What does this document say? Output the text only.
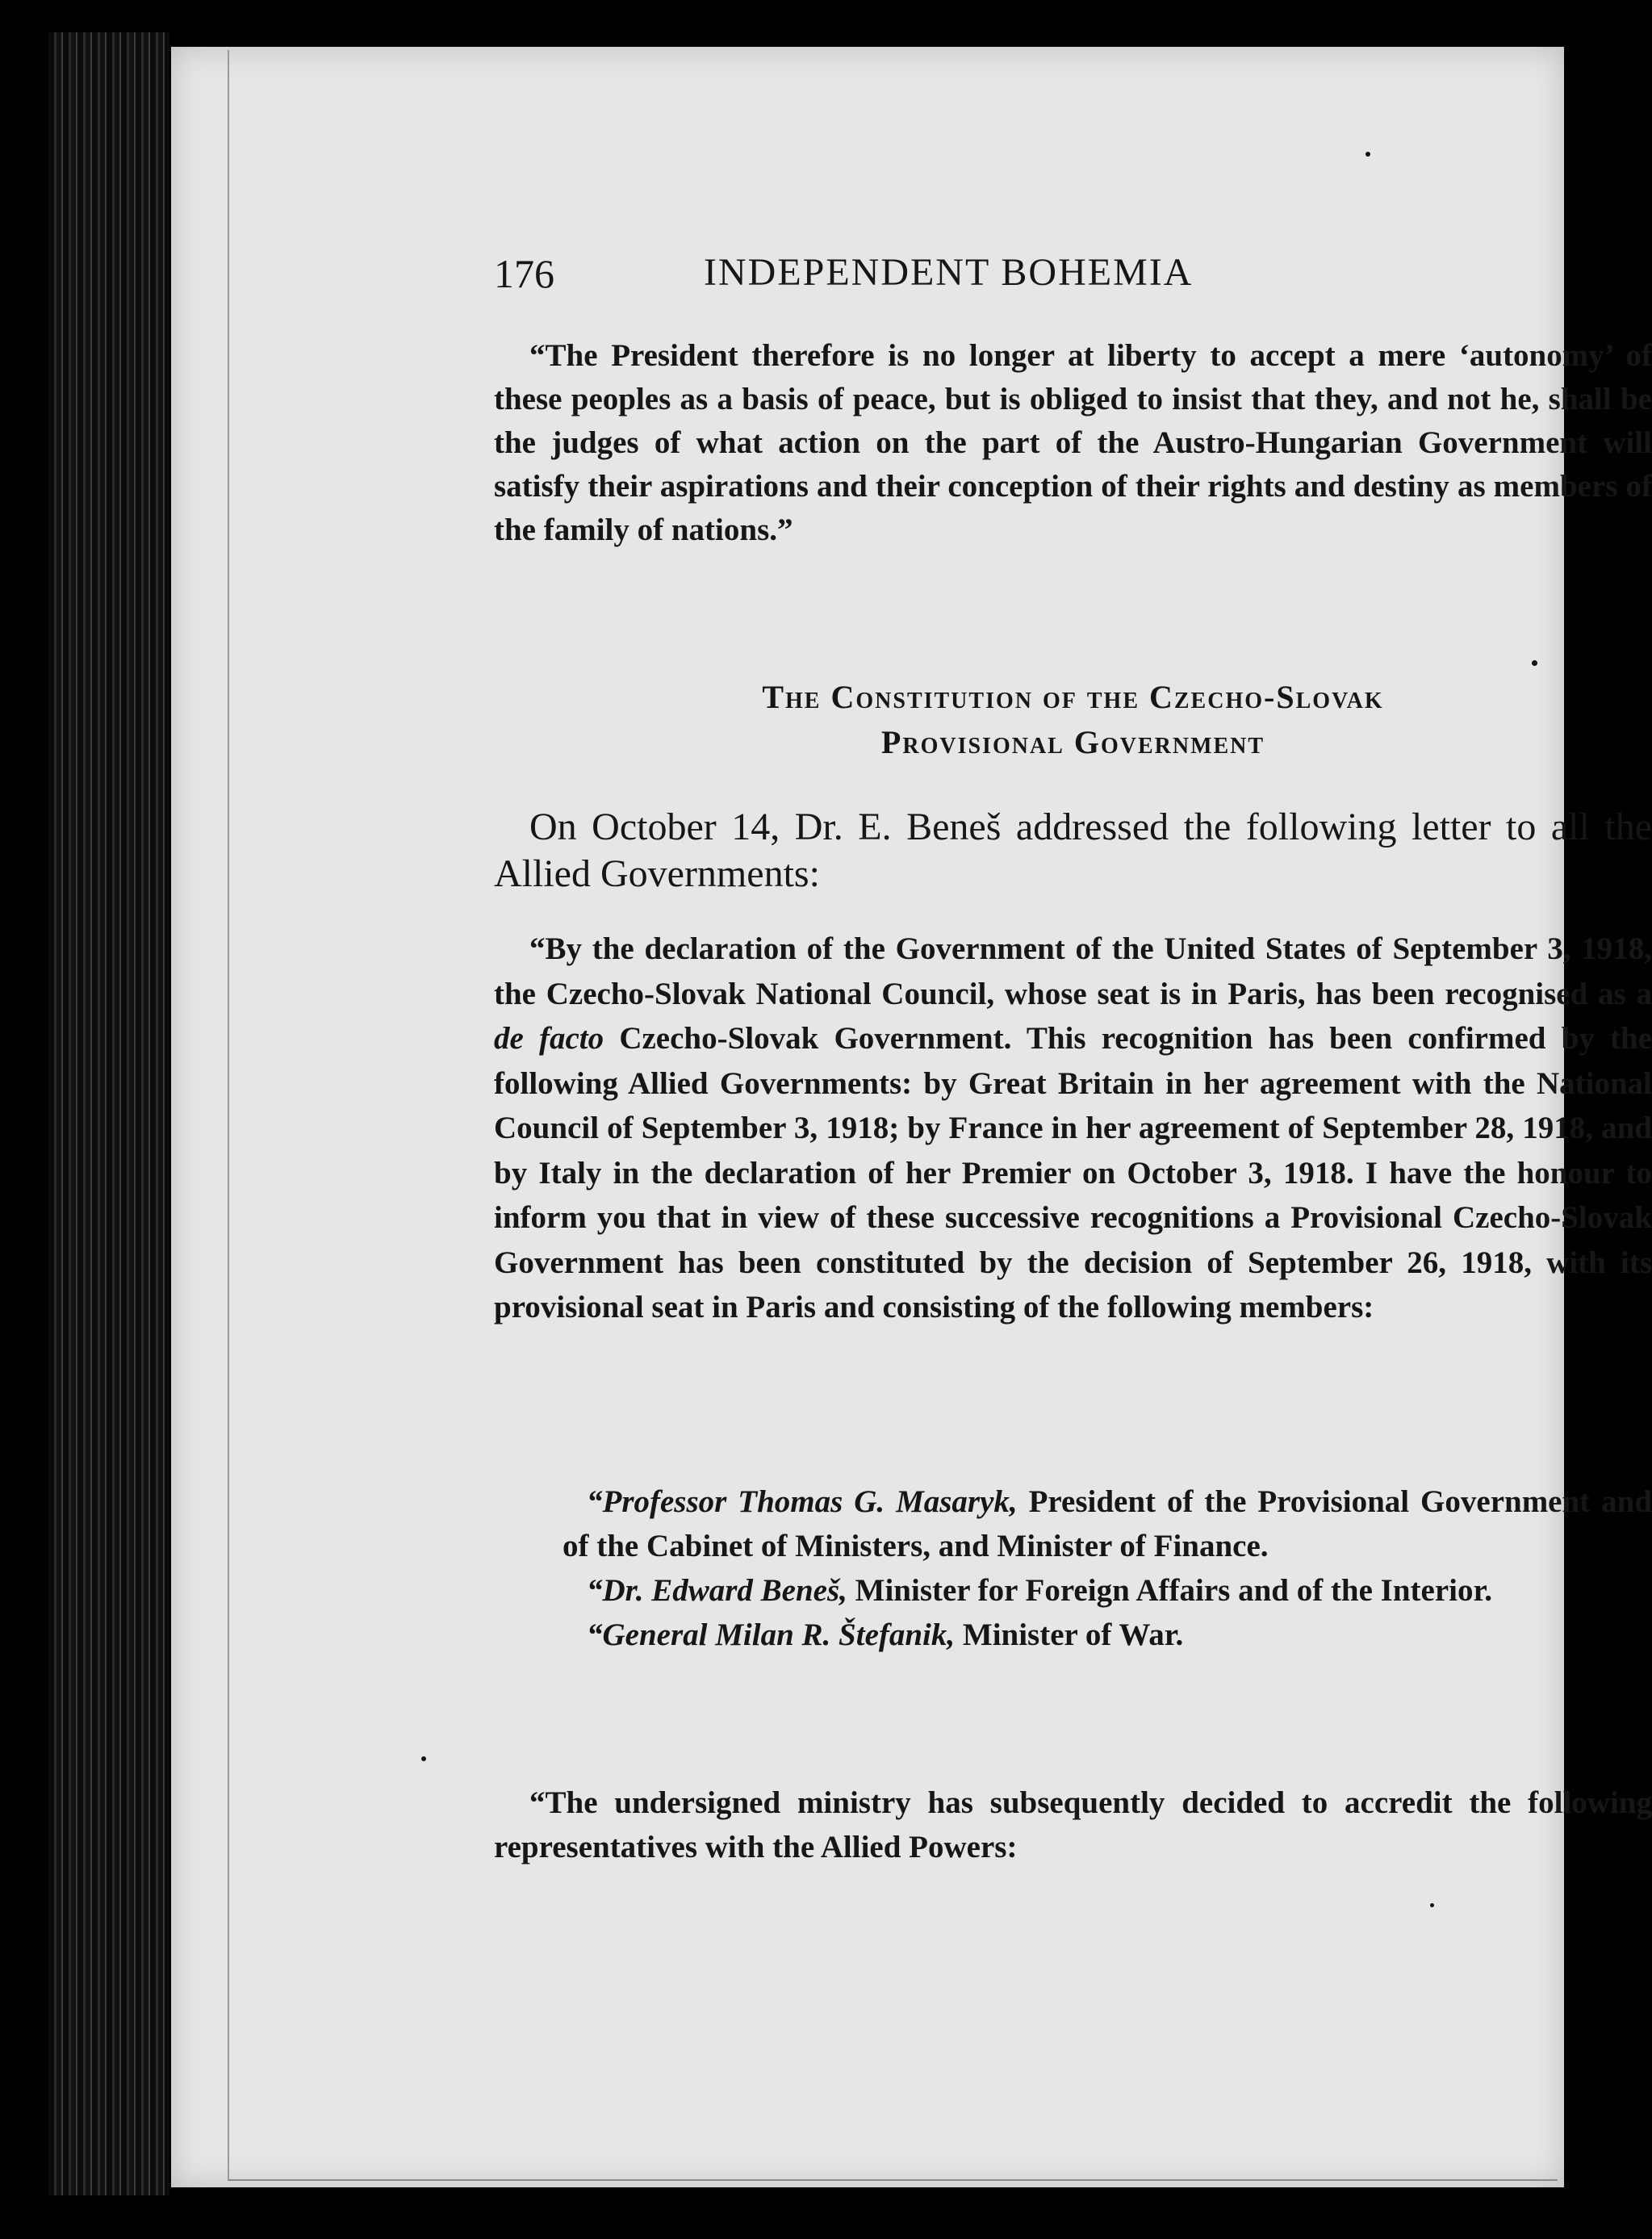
176	INDEPENDENT BOHEMIA

“The President therefore is no longer at liberty to accept a mere ‘autonomy’ of these peoples as a basis of peace, but is obliged to insist that they, and not he, shall be the judges of what action on the part of the Austro-Hungarian Government will satisfy their aspirations and their conception of their rights and destiny as members of the family of nations.”

The Constitution of the Czecho-Slovak
Provisional Government

On October 14, Dr. E. Beneš addressed the following letter to all the Allied Governments:

“By the declaration of the Government of the United States of September 3, 1918, the Czecho-Slovak National Council, whose seat is in Paris, has been recognised as a de facto Czecho-Slovak Government. This recognition has been confirmed by the following Allied Governments: by Great Britain in her agreement with the National Council of September 3, 1918; by France in her agreement of September 28, 1918, and by Italy in the declaration of her Premier on October 3, 1918. I have the honour to inform you that in view of these successive recognitions a Provisional Czecho-Slovak Government has been constituted by the decision of September 26, 1918, with its provisional seat in Paris and consisting of the following members:

“Professor Thomas G. Masaryk, President of the Provisional Government and of the Cabinet of Ministers, and Minister of Finance.

“Dr. Edward Beneš, Minister for Foreign Affairs and of the Interior.

“General Milan R. Štefanik, Minister of War.

“The undersigned ministry has subsequently decided to accredit the following representatives with the Allied Powers:
